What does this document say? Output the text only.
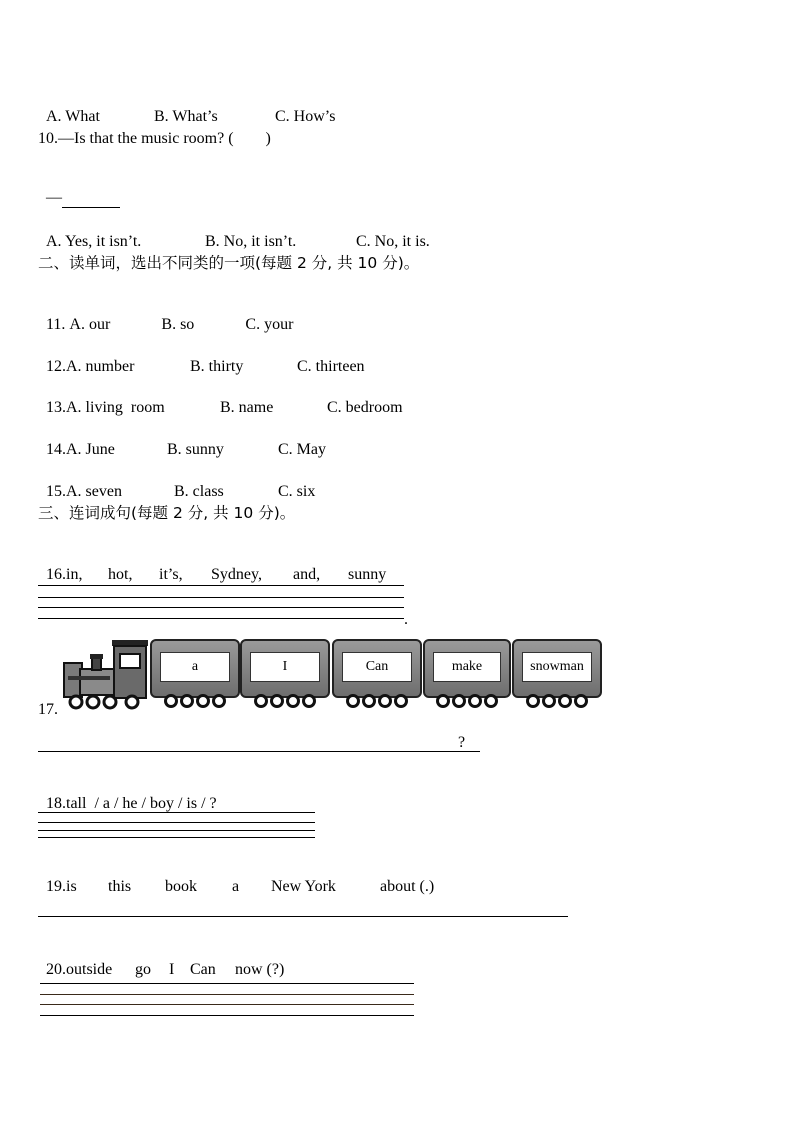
A. What	B. What’s	C. How’s

10.—Is that the music room? (        )

—

A. Yes, it isn’t.	B. No, it isn’t.	C. No, it is.

二、读单词，选出不同类的一项(每题 2 分, 共 10 分)。

11. A. our	B. so	C. your

12.A. number	B. thirty	C. thirteen

13.A. living  room	B. name	C. bedroom

14.A. June	B. sunny	C. May

15.A. seven	B. class	C. six

三、连词成句(每题 2 分, 共 10 分)。

16.in, hot, it’s, Sydney, and, sunny

.
17.
a	I	Can	make	snowman
?

18.tall  / a / he / boy / is / ?

19.is this book a New York	about (.)

20.outside go I Can now (?)
